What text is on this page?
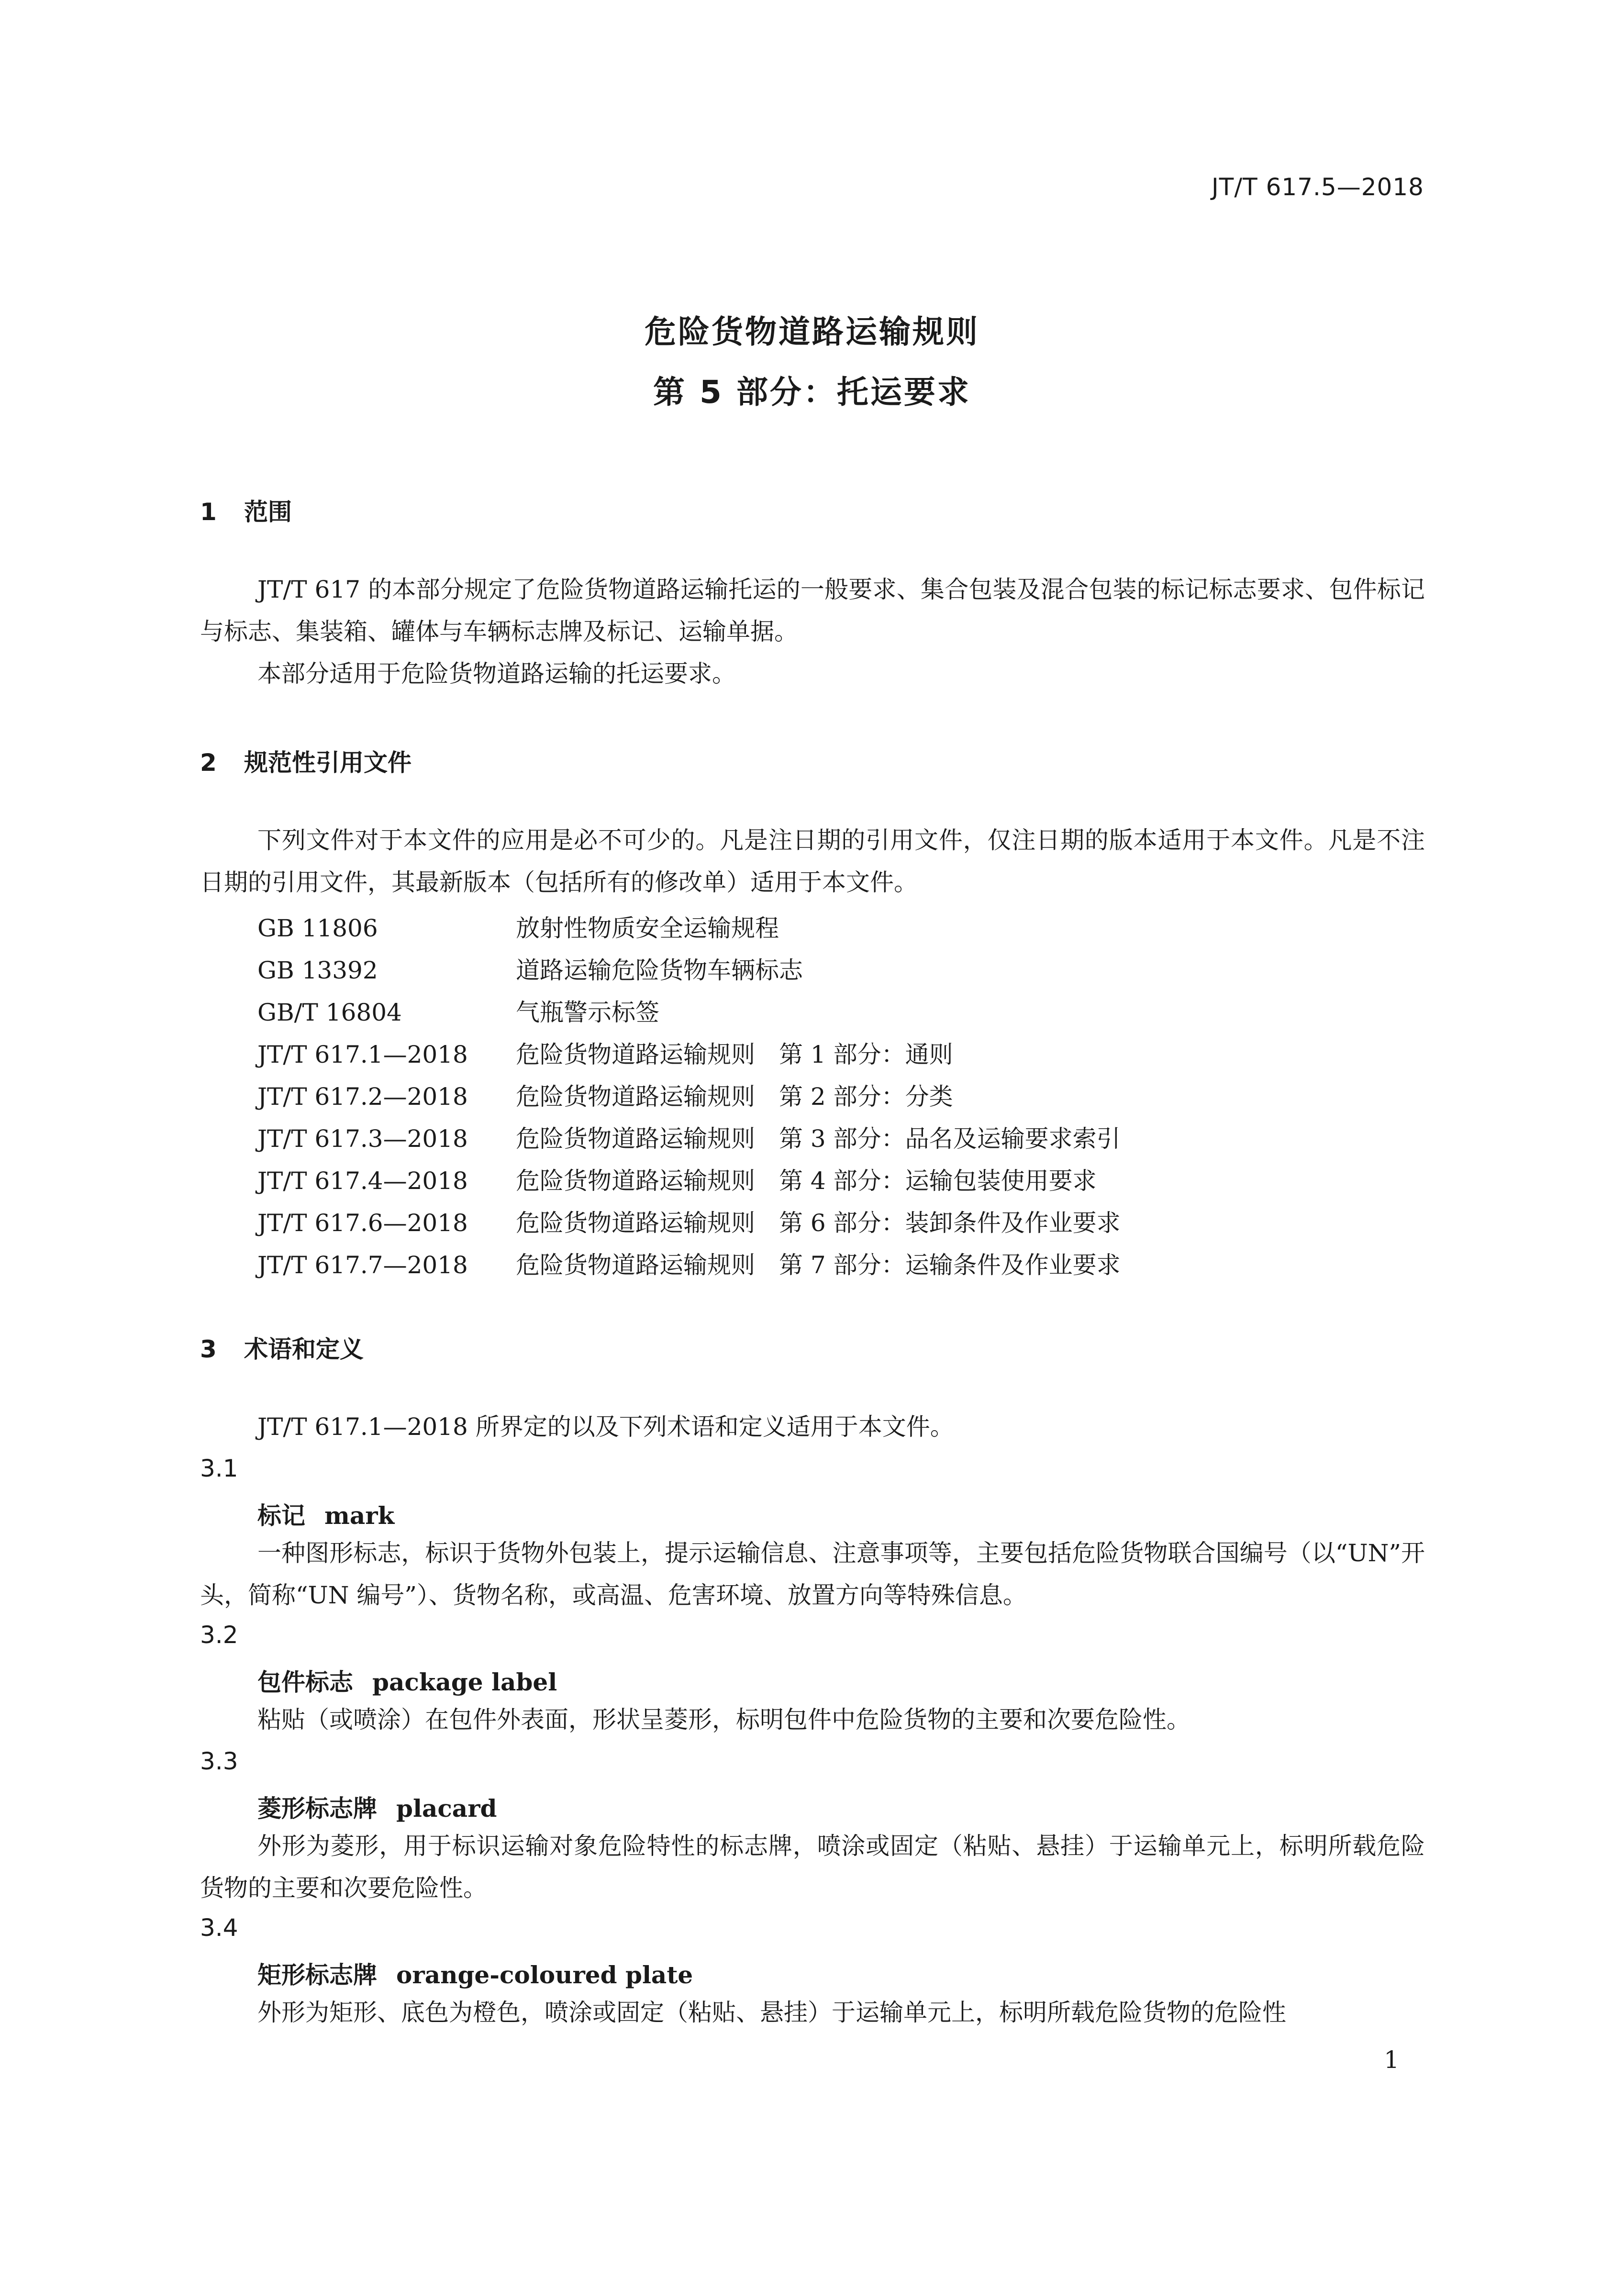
JT/T 617.5—2018
危险货物道路运输规则
第 5 部分：托运要求
1 范围
JT/T 617 的本部分规定了危险货物道路运输托运的一般要求、集合包装及混合包装的标记标志要求、包件标记与标志、集装箱、罐体与车辆标志牌及标记、运输单据。
本部分适用于危险货物道路运输的托运要求。
2 规范性引用文件
下列文件对于本文件的应用是必不可少的。凡是注日期的引用文件，仅注日期的版本适用于本文件。凡是不注日期的引用文件，其最新版本（包括所有的修改单）适用于本文件。
GB 11806	放射性物质安全运输规程
GB 13392	道路运输危险货物车辆标志
GB/T 16804	气瓶警示标签
JT/T 617.1—2018 危险货物道路运输规则　第 1 部分：通则
JT/T 617.2—2018 危险货物道路运输规则　第 2 部分：分类
JT/T 617.3—2018 危险货物道路运输规则　第 3 部分：品名及运输要求索引
JT/T 617.4—2018 危险货物道路运输规则　第 4 部分：运输包装使用要求
JT/T 617.6—2018 危险货物道路运输规则　第 6 部分：装卸条件及作业要求
JT/T 617.7—2018 危险货物道路运输规则　第 7 部分：运输条件及作业要求
3 术语和定义
JT/T 617.1—2018 所界定的以及下列术语和定义适用于本文件。
3.1
标记 mark
一种图形标志，标识于货物外包装上，提示运输信息、注意事项等，主要包括危险货物联合国编号（以“UN”开头，简称“UN 编号”）、货物名称，或高温、危害环境、放置方向等特殊信息。
3.2
包件标志 package label
粘贴（或喷涂）在包件外表面，形状呈菱形，标明包件中危险货物的主要和次要危险性。
3.3
菱形标志牌 placard
外形为菱形，用于标识运输对象危险特性的标志牌，喷涂或固定（粘贴、悬挂）于运输单元上，标明所载危险货物的主要和次要危险性。
3.4
矩形标志牌 orange-coloured plate
外形为矩形、底色为橙色，喷涂或固定（粘贴、悬挂）于运输单元上，标明所载危险货物的危险性
1
